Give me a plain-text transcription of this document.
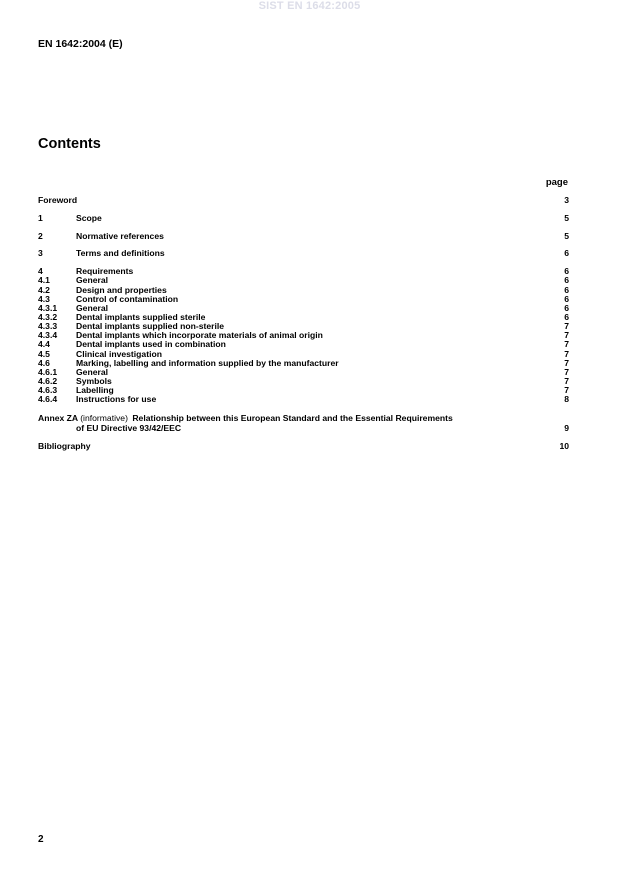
SIST EN 1642:2005
EN 1642:2004 (E)
Contents
page
Foreword	3
1	Scope	5
2	Normative references	5
3	Terms and definitions	6
4	Requirements	6
4.1	General	6
4.2	Design and properties	6
4.3	Control of contamination	6
4.3.1	General	6
4.3.2	Dental implants supplied sterile	6
4.3.3	Dental implants supplied non-sterile	7
4.3.4	Dental implants which incorporate materials of animal origin	7
4.4	Dental implants used in combination	7
4.5	Clinical investigation	7
4.6	Marking, labelling and information supplied by the manufacturer	7
4.6.1	General	7
4.6.2	Symbols	7
4.6.3	Labelling	7
4.6.4	Instructions for use	8
Annex ZA (informative) Relationship between this European Standard and the Essential Requirements
of EU Directive 93/42/EEC	9
Bibliography	10
2
